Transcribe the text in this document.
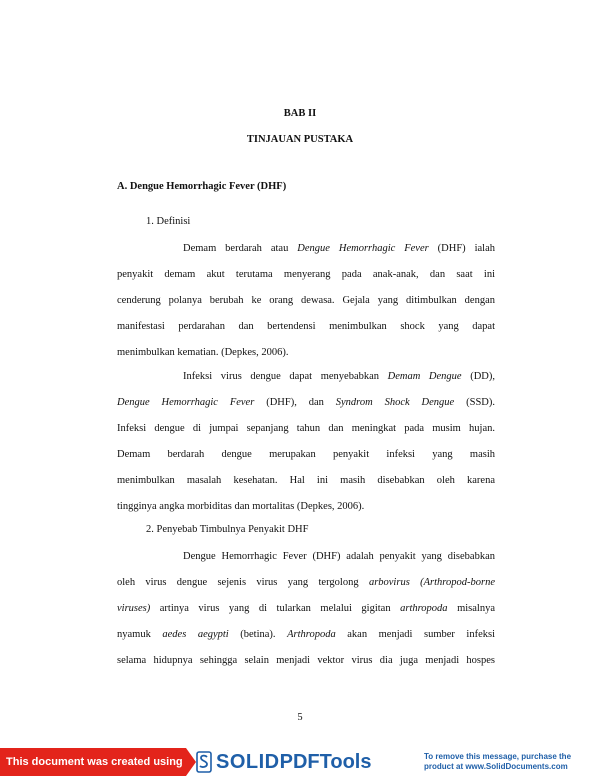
BAB II
TINJAUAN PUSTAKA
A. Dengue Hemorrhagic Fever (DHF)
1. Definisi
Demam berdarah atau Dengue Hemorrhagic Fever (DHF) ialah
penyakit demam akut terutama menyerang pada anak-anak, dan saat ini
cenderung polanya berubah ke orang dewasa. Gejala yang ditimbulkan dengan
manifestasi perdarahan dan bertendensi menimbulkan shock yang dapat
menimbulkan kematian. (Depkes, 2006).
Infeksi virus dengue dapat menyebabkan Demam Dengue (DD),
Dengue Hemorrhagic Fever (DHF), dan Syndrom Shock Dengue (SSD).
Infeksi dengue di jumpai sepanjang tahun dan meningkat pada musim hujan.
Demam berdarah dengue merupakan penyakit infeksi yang masih
menimbulkan masalah kesehatan. Hal ini masih disebabkan oleh karena
tingginya angka morbiditas dan mortalitas (Depkes, 2006).
2. Penyebab Timbulnya Penyakit DHF
Dengue Hemorrhagic Fever (DHF) adalah penyakit yang disebabkan
oleh virus dengue sejenis virus yang tergolong arbovirus (Arthropod-borne
viruses) artinya virus yang di tularkan melalui gigitan arthropoda misalnya
nyamuk aedes aegypti (betina). Arthropoda akan menjadi sumber infeksi
selama hidupnya sehingga selain menjadi vektor virus dia juga menjadi hospes
5
This document was created using SOLID PDFTools	To remove this message, purchase the
product at www.SolidDocuments.com
